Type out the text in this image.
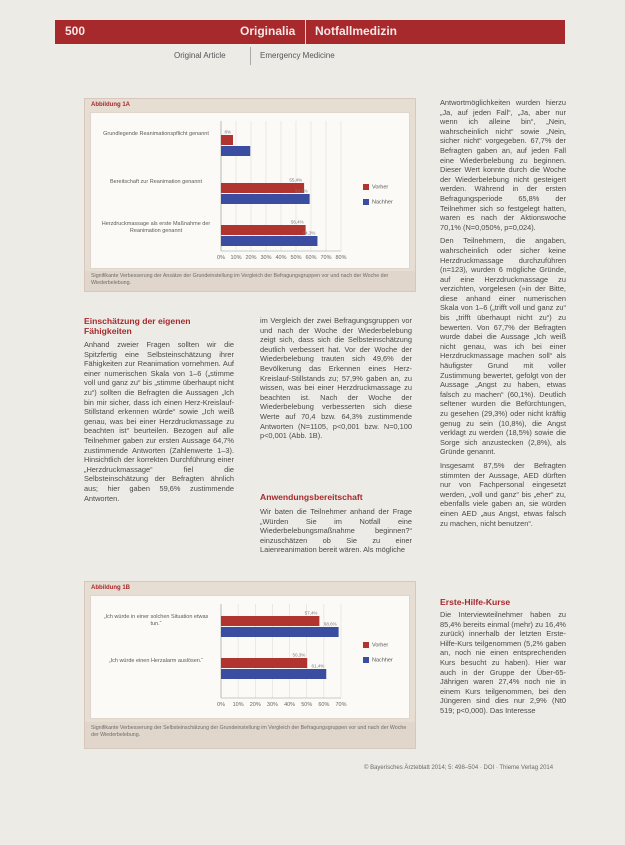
500	Originalia Notfallmedizin
Original Article	Emergency Medicine
Abbildung 1A
Grundlegende Reanimationspflicht genannt
Bereitschaft zur Reanimation genannt
Herzdruckmassage als erste Maßnahme der Reanimation genannt
0% 10% 20% 30% 40% 50% 60% 70% 80%
8%
55,4%
59,1%
56,4%
64,3%
Vorher
Nachher
Signifikante Verbesserung der Ansätze der Grundeinstellung im Vergleich der Befragungsgruppen vor und nach der Woche der Wiederbelebung.
Einschätzung der eigenen Fähigkeiten

Anhand zweier Fragen sollten wir die Spitzfertig eine Selbsteinschätzung ihrer Fähigkeiten zur Reanimation vornehmen. Auf einer numerischen Skala von 1–6 („stimme voll und ganz zu“ bis „stimme überhaupt nicht zu“) sollten die Befragten die Aussagen „Ich bin mir sicher, dass ich einen Herz-Kreislauf-Stillstand erkennen würde“ sowie „Ich weiß genau, was bei einer Herzdruckmassage zu beachten ist“ beurteilen. Bezogen auf alle Teilnehmer gaben zur ersten Aussage 64,7% zustimmende Antworten (Zahlenwerte 1–3). Hinsichtlich der korrekten Durchführung einer „Herzdruckmassage“ fiel die Selbsteinschätzung der Befragten ähnlich aus; hier gaben 59,6% zustimmende Antworten.

im Vergleich der zwei Befragungsgruppen vor und nach der Woche der Wiederbelebung zeigt sich, dass sich die Selbsteinschätzung deutlich verbessert hat. Vor der Woche der Wiederbelebung trauten sich 49,6% der Bevölkerung das Erkennen eines Herz-Kreislauf-Stillstands zu; 57,9% gaben an, zu wissen, was bei einer Herzdruckmassage zu beachten ist. Nach der Woche der Wiederbelebung verbesserten sich diese Werte auf 70,4 bzw. 64,3% zustimmende Antworten (N=1105, p<0,001 bzw. N=0,100 p<0,001 (Abb. 1B).

Anwendungsbereitschaft

Wir baten die Teilnehmer anhand der Frage „Würden Sie im Notfall eine Wiederbelebungsmaßnahme beginnen?“ einzuschätzen ob Sie zu einer Laienreanimation bereit wären. Als mögliche

Abbildung 1B
„Ich würde in einer solchen Situation etwas tun.“
„Ich würde einen Herzalarm auslösen.“
0% 10% 20% 30% 40% 50% 60% 70%
57,4%
68,6%
50,3%
61,4%
Vorher
Nachher
Signifikante Verbesserung der Selbsteinschätzung der Grundeinstellung im Vergleich der Befragungsgruppen vor und nach der Woche der Wiederbelebung.

Antwortmöglichkeiten wurden hierzu „Ja, auf jeden Fall“, „Ja, aber nur wenn ich alleine bin“, „Nein, wahrscheinlich nicht“ sowie „Nein, sicher nicht“ vorgegeben. 67,7% der Befragten gaben an, auf jeden Fall eine Wiederbelebung zu beginnen. Dieser Wert konnte durch die Woche der Wiederbelebung nicht gesteigert werden. Während in der ersten Befragungsperiode 65,8% der Teilnehmer sich so festgelegt hatten, waren es nach der Aktionswoche 70,1% (N=0,050%, p=0,024).

Den Teilnehmern, die angaben, wahrscheinlich oder sicher keine Herzdruckmassage durchzuführen (n=123), wurden 6 mögliche Gründe, auf eine Herzdruckmassage zu verzichten, vorgelesen (»in der Bitte, diese anhand einer numerischen Skala von 1–6 („trifft voll und ganz zu“ bis „trifft überhaupt nicht zu“) zu bewerten. Von 67,7% der Befragten wurde dabei die Aussage „Ich weiß nicht genau, was ich bei einer Herzdruckmassage machen soll“ als häufigster Grund mit voller Zustimmung bewertet, gefolgt von der Aussage „Angst zu haben, etwas falsch zu machen“ (60,1%). Deutlich seltener wurden die Befürchtungen, zu gesehen (29,3%) oder nicht kräftig genug zu sein (10,8%), die Angst verklagt zu werden (18,5%) sowie die Sorge sich anzustecken (2,8%), als Gründe genannt.

Insgesamt 87,5% der Befragten stimmten der Aussage, AED dürften nur von Fachpersonal eingesetzt werden, „voll und ganz“ bis „eher“ zu, ebenfalls viele gaben an, sie würden einen AED „aus Angst, etwas falsch zu machen, nicht benutzen“.

Erste-Hilfe-Kurse

Die Interviewteilnehmer haben zu 85,4% bereits einmal (mehr) zu 16,4% zurück) innerhalb der letzten Erste-Hilfe-Kurs teilgenommen (5,2% gaben an, noch nie einen entsprechenden Kurs besucht zu haben). Hier war auch in der Gruppe der Über-65-Jährigen waren 27,4% noch nie in einem Kurs teilgenommen, bei den Jüngeren sind dies nur 2,9% (Nt0 519; p<0,000). Das Interesse

© Bayerisches Ärzteblatt 2014; 5: 498–504 · DOI · Thieme Verlag 2014
